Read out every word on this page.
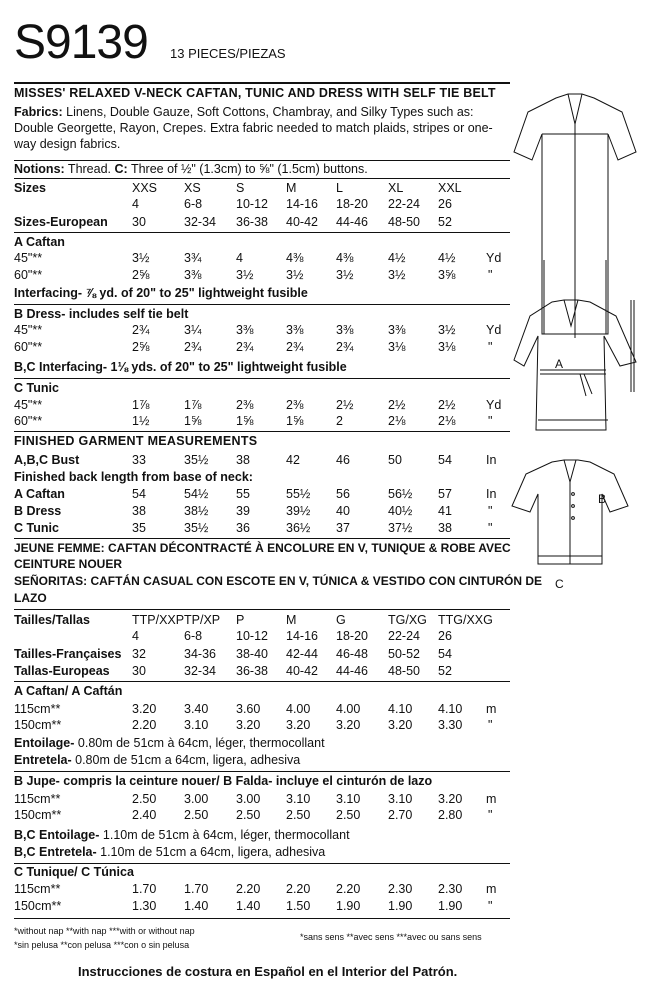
S9139 13 PIECES/PIEZAS
MISSES' RELAXED V-NECK CAFTAN, TUNIC AND DRESS WITH SELF TIE BELT
Fabrics: Linens, Double Gauze, Soft Cottons, Chambray, and Silky Types such as: Double Georgette, Rayon, Crepes. Extra fabric needed to match plaids, stripes or one-way design fabrics.
Notions: Thread. C: Three of ½" (1.3cm) to ⅝" (1.5cm) buttons.
Sizes	XXS XS	S	M	L	XL	XXL
4	6-8	10-12 14-16 18-20 22-24 26
Sizes-European 30	32-34 36-38 40-42 44-46 48-50 52
A Caftan
45"**	3½	3¾	4	4⅜	4⅜	4½	4½ Yd
60"**	2⅝	3⅜	3½	3½	3½	3½	3⅝	"
Interfacing- ⅞ yd. of 20" to 25" lightweight fusible
B Dress- includes self tie belt
45"**	2¾	3¼	3⅜	3⅜	3⅜	3⅜	3½ Yd
60"**	2⅝	2¾	2¾	2¾	2¾	3⅛	3⅛	"
B,C Interfacing- 1⅛ yds. of 20" to 25" lightweight fusible
C Tunic
45"**	1⅞	1⅞	2⅜	2⅜	2½	2½	2½ Yd
60"**	1½	1⅝	1⅝	1⅝	2	2⅛	2⅛	"
FINISHED GARMENT MEASUREMENTS
A,B,C Bust	33	35½ 38	42	46	50	54	In
Finished back length from base of neck:
A Caftan	54	54½ 55	55½ 56	56½ 57	In
B Dress	38	38½ 39	39½ 40	40½ 41	"
C Tunic	35	35½ 36	36½ 37	37½ 38	"
JEUNE FEMME: CAFTAN DÉCONTRACTÉ À ENCOLURE EN V, TUNIQUE & ROBE AVEC
CEINTURE NOUER
SEÑORITAS: CAFTÁN CASUAL CON ESCOTE EN V, TÚNICA & VESTIDO CON CINTURÓN DE
LAZO
Tailles/Tallas	TTP/XXP TP/XP P	M	G	TG/XG TTG/XXG
4	6-8	10-12 14-16 18-20 22-24 26
Tailles-Françaises 32	34-36 38-40 42-44 46-48 50-52 54
Tallas-Europeas 30	32-34 36-38 40-42 44-46 48-50 52
A Caftan/ A Caftán
115cm**	3.20 3.40 3.60 4.00 4.00 4.10 4.10 m
150cm**	2.20 3.10 3.20 3.20 3.20 3.20 3.30 "
Entoilage- 0.80m de 51cm à 64cm, léger, thermocollant
Entretela- 0.80m de 51cm a 64cm, ligera, adhesiva
B Jupe- compris la ceinture nouer/ B Falda- incluye el cinturón de lazo
115cm**	2.50 3.00 3.00 3.10 3.10 3.10 3.20 m
150cm**	2.40 2.50 2.50 2.50 2.50 2.70 2.80 "
B,C Entoilage- 1.10m de 51cm à 64cm, léger, thermocollant
B,C Entretela- 1.10m de 51cm a 64cm, ligera, adhesiva
C Tunique/ C Túnica
115cm**	1.70 1.70 2.20 2.20 2.20 2.30 2.30 m
150cm**	1.30 1.40 1.40 1.50 1.90 1.90 1.90 "
*without nap **with nap ***with or without nap
*sans sens **avec sens ***avec ou sans sens
*sin pelusa **con pelusa ***con o sin pelusa
Instrucciones de costura en Español en el Interior del Patrón.
A
B
C
